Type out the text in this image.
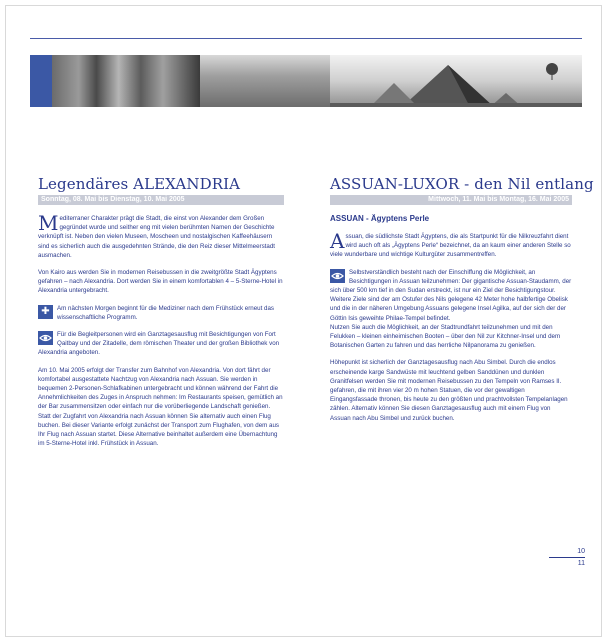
Legendäres ALEXANDRIA
Sonntag, 08. Mai bis Dienstag, 10. Mai 2005
Mediterraner Charakter prägt die Stadt, die einst von Alexander dem Großen gegründet wurde und seither eng mit vielen berühmten Namen der Geschichte verknüpft ist. Neben den vielen Museen, Moscheen und nostalgischen Kaffeehäusern sind es sicherlich auch die ausgedehnten Strände, die den Reiz dieser Mittelmeerstadt ausmachen.
Von Kairo aus werden Sie in modernen Reisebussen in die zweitgrößte Stadt Ägyptens gefahren – nach Alexandria. Dort werden Sie in einem komfortablen 4 – 5-Sterne-Hotel in Alexandria untergebracht.
✚	Am nächsten Morgen beginnt für die Mediziner nach dem Frühstück erneut das wissenschaftliche Programm.
Für die Begleitpersonen wird ein Ganztagesausflug mit Besichtigungen von Fort Qaitbay und der Zitadelle, dem römischen Theater und der großen Bibliothek von Alexandria angeboten.
Am 10. Mai 2005 erfolgt der Transfer zum Bahnhof von Alexandria. Von dort fährt der komfortabel ausgestattete Nachtzug von Alexandria nach Assuan. Sie werden in bequemen 2-Personen-Schlafkabinen untergebracht und können während der Fahrt die Annehmlichkeiten des Zuges in Anspruch nehmen: Im Restaurants speisen, gemütlich an der Bar zusammensitzen oder einfach nur die vorüberliegende Landschaft genießen.
Statt der Zugfahrt von Alexandria nach Assuan können Sie alternativ auch einen Flug buchen. Bei dieser Variante erfolgt zunächst der Transport zum Flughafen, von dem aus Ihr Flug nach Assuan startet. Diese Alternative beinhaltet außerdem eine Übernachtung im 5-Sterne-Hotel inkl. Frühstück in Assuan.
ASSUAN-LUXOR - den Nil entlang
Mittwoch, 11. Mai bis Montag, 16. Mai 2005
ASSUAN - Ägyptens Perle
Assuan, die südlichste Stadt Ägyptens, die als Startpunkt für die Nilkreuzfahrt dient wird auch oft als „Ägyptens Perle“ bezeichnet, da an kaum einer anderen Stelle so viele wunderbare und wichtige Kulturgüter zusammentreffen.
Selbstverständlich besteht nach der Einschiffung die Möglichkeit, an Besichtigungen in Assuan teilzunehmen: Der gigantische Assuan-Staudamm, der sich über 500 km tief in den Sudan erstreckt, ist nur ein Ziel der Besichtigungstour. Weitere Ziele sind der am Ostufer des Nils gelegene 42 Meter hohe halbfertige Obelisk und die in der näheren Umgebung Assuans gelegene Insel Agilka, auf der sich der der Göttin Isis geweihte Philae-Tempel befindet.
Nutzen Sie auch die Möglichkeit, an der Stadtrundfahrt teilzunehmen und mit den Felukken – kleinen einheimischen Booten – über den Nil zur Kitchner-Insel und dem Botanischen Garten zu fahren und das herrliche Nilpanorama zu genießen.
Höhepunkt ist sicherlich der Ganztagesausflug nach Abu Simbel. Durch die endlos erscheinende karge Sandwüste mit leuchtend gelben Sanddünen und dunklen Granitfelsen werden Sie mit modernen Reisebussen zu den Tempeln von Ramses II. gefahren, die mit ihren vier 20 m hohen Statuen, die vor der gewaltigen Eingangsfassade thronen, bis heute zu den größten und prachtvollsten Tempelanlagen zählen. Alternativ können Sie diesen Ganztagesausflug auch mit einem Flug von Assuan nach Abu Simbel und zurück buchen.
10
11
